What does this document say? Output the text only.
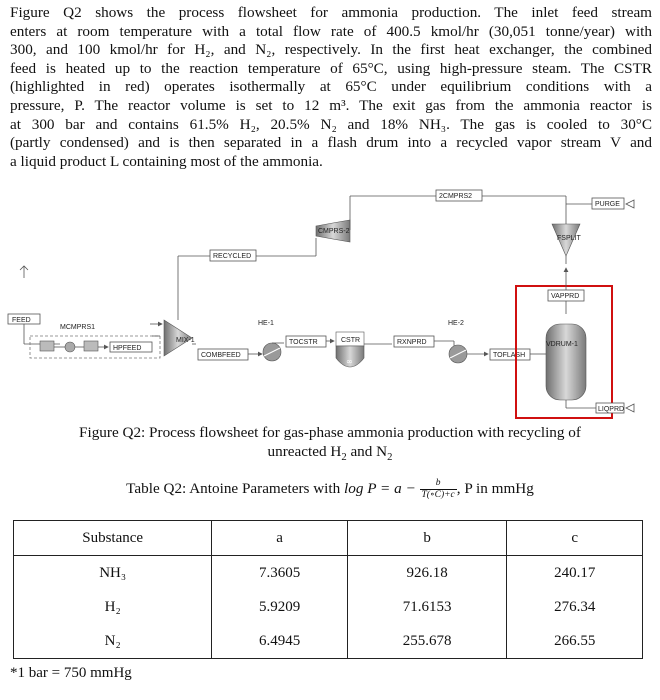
Figure Q2 shows the process flowsheet for ammonia production. The inlet feed stream
enters at room temperature with a total flow rate of 400.5 kmol/hr (30,051 tonne/year) with
300, and 100 kmol/hr for H₂, and N₂, respectively. In the first heat exchanger, the combined
feed is heated up to the reaction temperature of 65°C, using high-pressure steam. The CSTR
(highlighted in red) operates isothermally at 65°C under equilibrium conditions with a
pressure, P. The reactor volume is set to 12 m³. The exit gas from the ammonia reactor is
at 300 bar and contains 61.5% H₂, 20.5% N₂ and 18% NH₃. The gas is cooled to 30°C
(partly condensed) and is then separated in a flash drum into a recycled vapor stream V and
a liquid product L containing most of the ammonia.
FEED
MCMPRS1
HPFEED
MIX-1
RECYCLED
CMPRS-2
2CMPRS2
COMBFEED
HE-1
TOCSTR	CSTR
∞
RXNPRD
HE-2
TOFLASH
FSPLIT
PURGE
VAPPRD
VDRUM-1
LIQPRD
Figure Q2: Process flowsheet for gas-phase ammonia production with recycling of
unreacted $H_2$ and $N_2$
Table Q2: Antoine Parameters with $\log P = a - \frac{b}{T(\circ C)+c}$ , P in mmHg
Substance	a	b	c
NH₃	7.3605	926.18	240.17
H₂	5.9209	71.6153	276.34
N₂	6.4945	255.678	266.55
*1 bar = 750 mmHg
